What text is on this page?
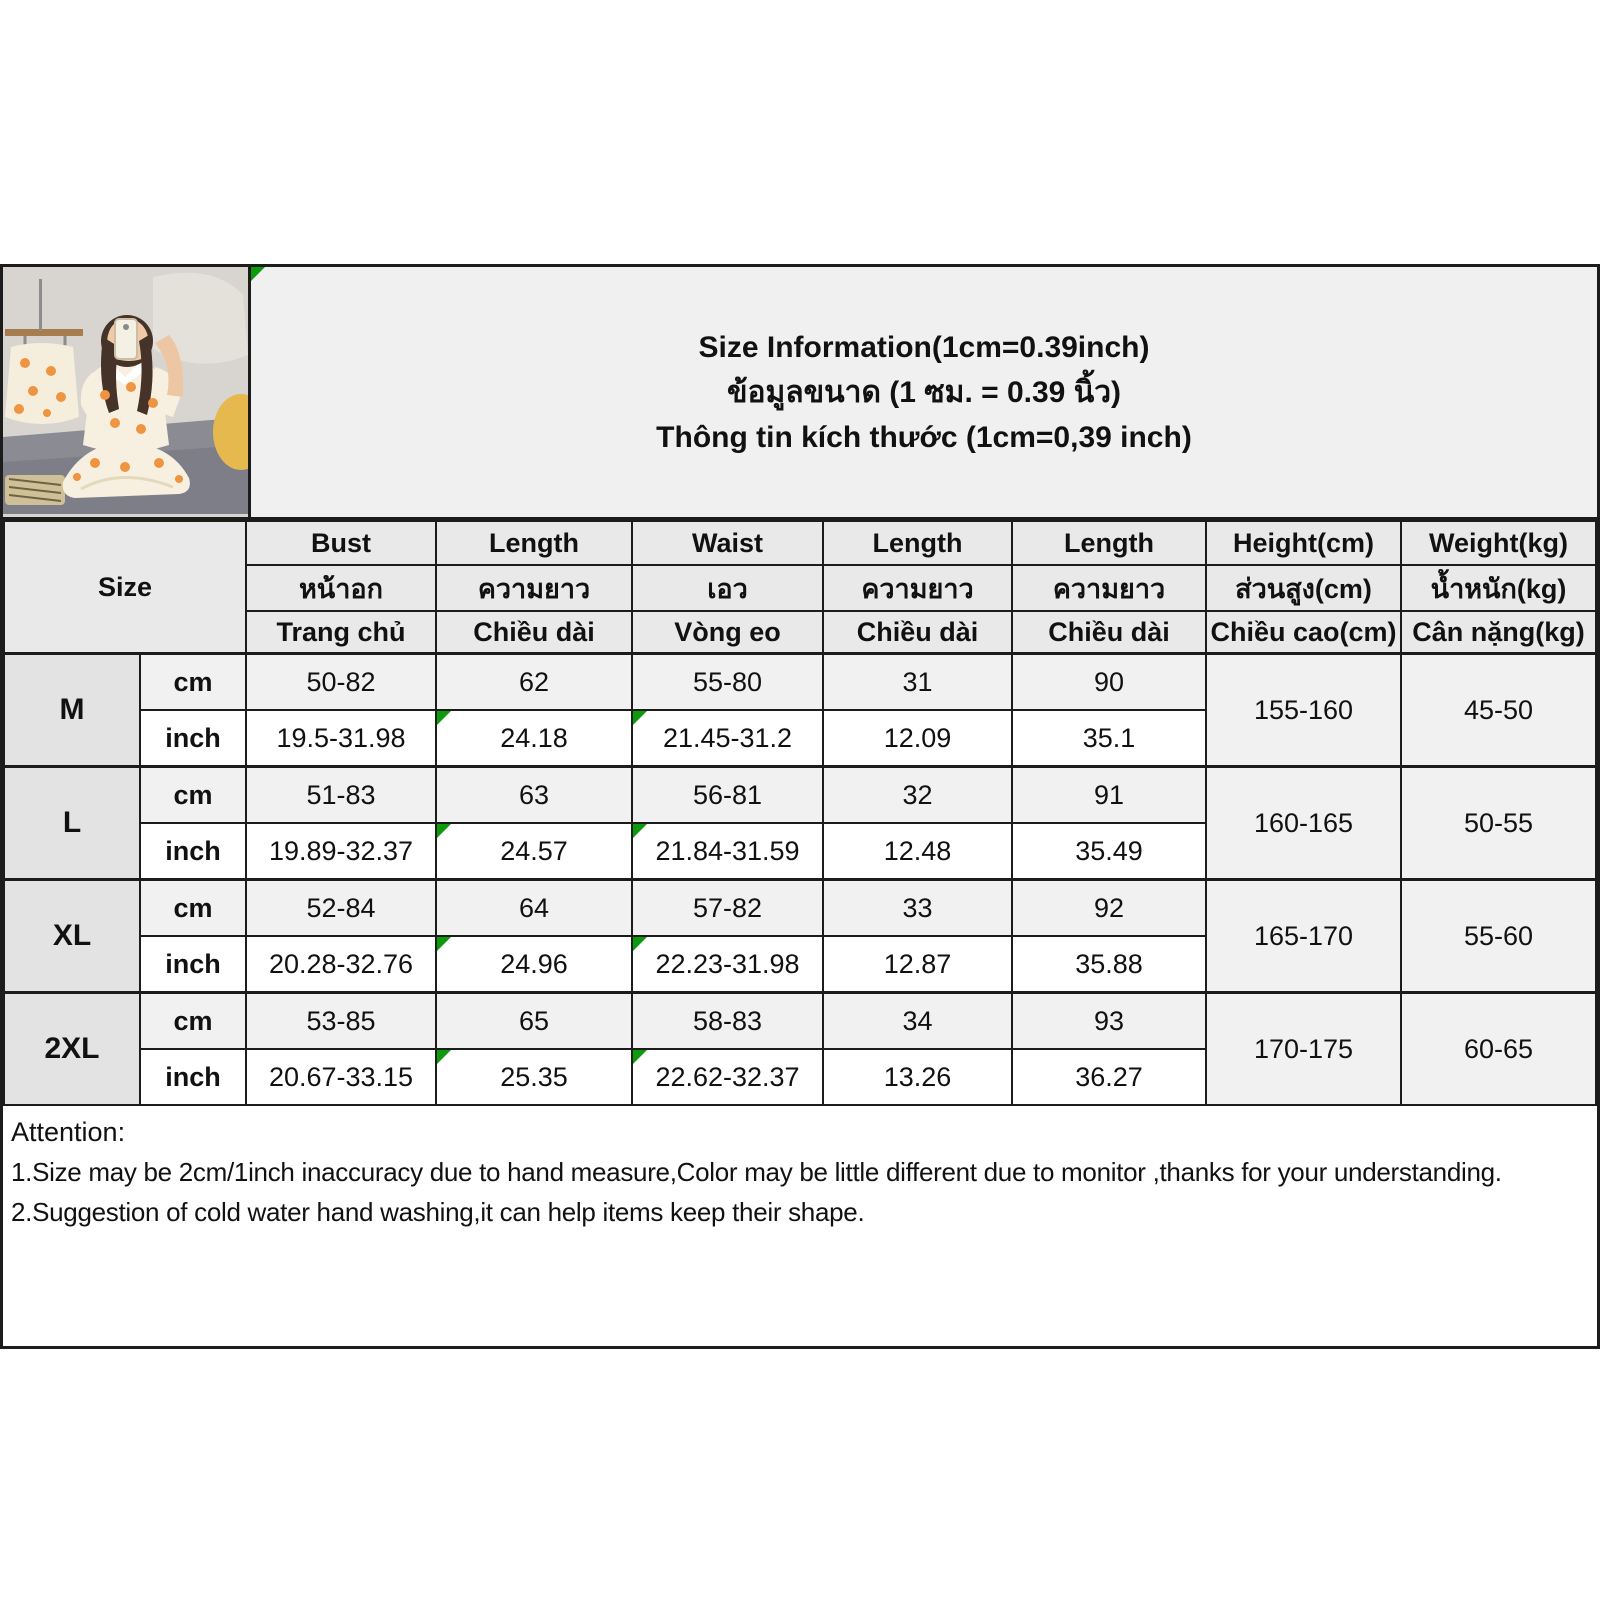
Size Information(1cm=0.39inch)
ข้อมูลขนาด (1 ซม. = 0.39 นิ้ว)
Thông tin kích thước (1cm=0,39 inch)
Size		Bust	Length	Waist	Length	Length	Height(cm)	Weight(kg)
		หน้าอก	ความยาว	เอว	ความยาว	ความยาว	ส่วนสูง(cm)	น้ำหนัก(kg)
		Trang chủ	Chiều dài	Vòng eo	Chiều dài	Chiều dài	Chiều cao(cm)	Cân nặng(kg)
M	cm	50-82	62	55-80	31	90	155-160	45-50
	inch	19.5-31.98	24.18	21.45-31.2	12.09	35.1		
L	cm	51-83	63	56-81	32	91	160-165	50-55
	inch	19.89-32.37	24.57	21.84-31.59	12.48	35.49		
XL	cm	52-84	64	57-82	33	92	165-170	55-60
	inch	20.28-32.76	24.96	22.23-31.98	12.87	35.88		
2XL	cm	53-85	65	58-83	34	93	170-175	60-65
	inch	20.67-33.15	25.35	22.62-32.37	13.26	36.27		
Attention:
1.Size may be 2cm/1inch inaccuracy due to hand measure,Color may be little different due to monitor ,thanks for your understanding.
2.Suggestion of cold water hand washing,it can help items keep their shape.
